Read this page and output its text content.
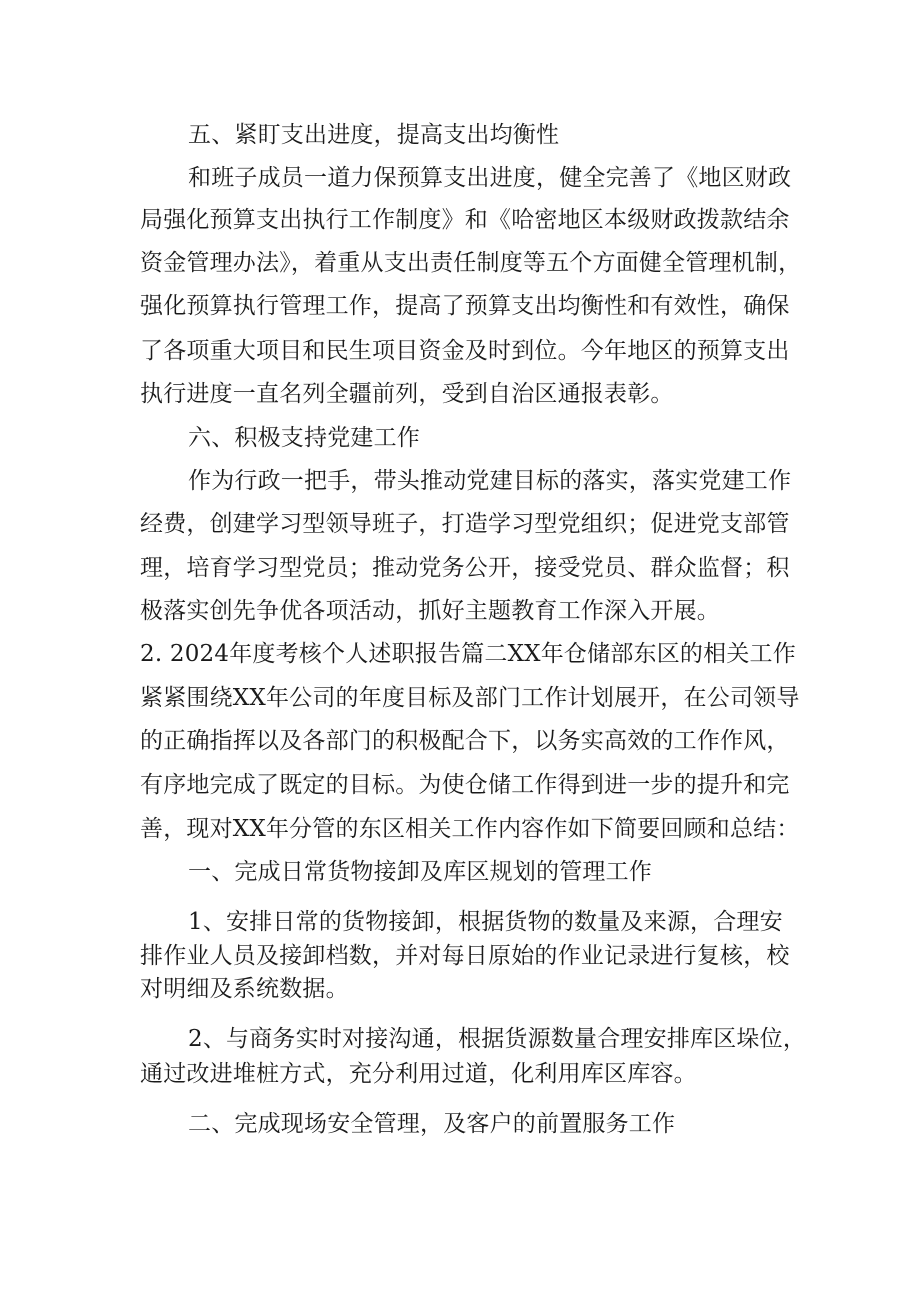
五、紧盯支出进度，提高支出均衡性

和班子成员一道力保预算支出进度，健全完善了《地区财政

局强化预算支出执行工作制度》和《哈密地区本级财政拨款结余

资金管理办法》，着重从支出责任制度等五个方面健全管理机制，

强化预算执行管理工作，提高了预算支出均衡性和有效性，确保

了各项重大项目和民生项目资金及时到位。今年地区的预算支出

执行进度一直名列全疆前列，受到自治区通报表彰。

六、积极支持党建工作

作为行政一把手，带头推动党建目标的落实，落实党建工作

经费，创建学习型领导班子，打造学习型党组织；促进党支部管

理，培育学习型党员；推动党务公开，接受党员、群众监督；积

极落实创先争优各项活动，抓好主题教育工作深入开展。

2. 2024年度考核个人述职报告篇二XX年仓储部东区的相关工作

紧紧围绕XX年公司的年度目标及部门工作计划展开，在公司领导

的正确指挥以及各部门的积极配合下，以务实高效的工作作风，

有序地完成了既定的目标。为使仓储工作得到进一步的提升和完

善，现对XX年分管的东区相关工作内容作如下简要回顾和总结：

一、完成日常货物接卸及库区规划的管理工作

1、安排日常的货物接卸，根据货物的数量及来源，合理安

排作业人员及接卸档数，并对每日原始的作业记录进行复核，校

对明细及系统数据。

2、与商务实时对接沟通，根据货源数量合理安排库区垛位，

通过改进堆桩方式，充分利用过道，化利用库区库容。

二、完成现场安全管理，及客户的前置服务工作
